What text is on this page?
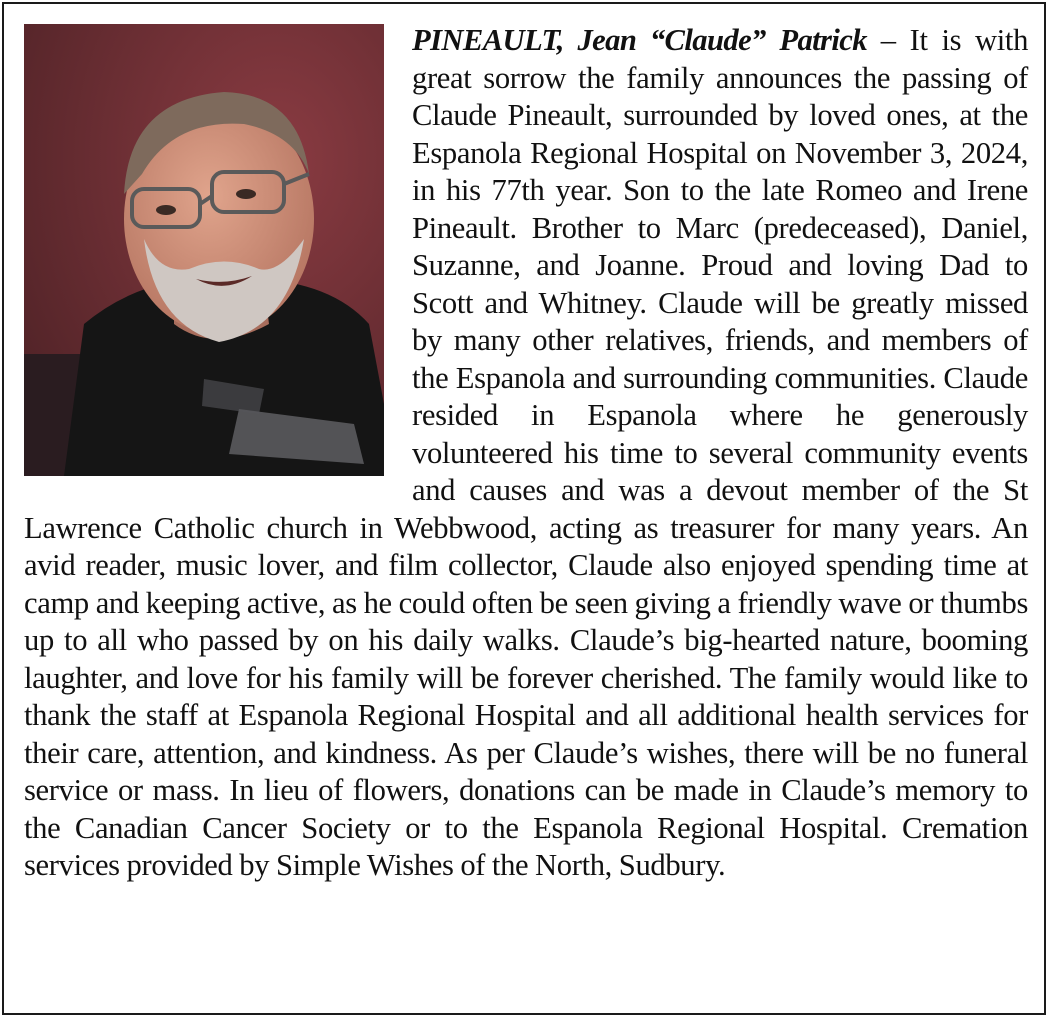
PINEAULT, Jean “Claude” Patrick – It is with great sorrow the family announces the passing of Claude Pineault, surrounded by loved ones, at the Espanola Regional Hospital on November 3, 2024, in his 77th year. Son to the late Romeo and Irene Pineault. Brother to Marc (predeceased), Daniel, Suzanne, and Joanne. Proud and loving Dad to Scott and Whitney. Claude will be greatly missed by many other relatives, friends, and members of the Espanola and surrounding communities. Claude resided in Espanola where he generously volunteered his time to several community events and causes and was a devout member of the St Lawrence Catholic church in Webbwood, acting as treasurer for many years. An avid reader, music lover, and film collector, Claude also enjoyed spending time at camp and keeping active, as he could often be seen giving a friendly wave or thumbs up to all who passed by on his daily walks. Claude’s big-hearted nature, booming laughter, and love for his family will be forever cherished. The family would like to thank the staff at Espanola Regional Hospital and all additional health services for their care, attention, and kindness. As per Claude’s wishes, there will be no funeral service or mass. In lieu of flowers, donations can be made in Claude’s memory to the Canadian Cancer Society or to the Espanola Regional Hospital. Cremation services provided by Simple Wishes of the North, Sudbury.
